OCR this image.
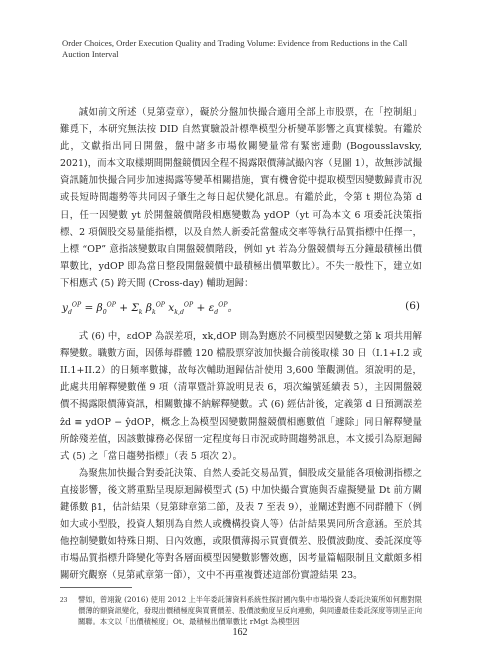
Order Choices, Order Execution Quality and Trading Volume: Evidence from Reductions in the Call Auction Interval

誠如前文所述（見第壹章），礙於分盤加快撮合適用全部上市股票，在「控制組」難覓下，本研究無法按 DID 自然實驗設計標準模型分析變革影響之真實樣貌。有鑑於此，文獻指出同日開盤，盤中諸多市場攸關變量常有緊密連動 (Bogousslavsky, 2021)，而本文取樣期間開盤競價因全程不揭露限價薄試撮內容（見圖 1），故無涉試撮資訊隨加快撮合同步加速揭露等變革相關措施，實有機會從中提取模型因變數歸責市況或長短時間趨勢等共同因子肇生之每日起伏變化訊息。有鑑於此，令第 t 期位為第 d 日，任一因變數 yt 於開盤競價階段相應變數為 ydOP（yt 可為本文 6 項委託決策指標、2 項個股交易量能指標，以及自然人新委託當盤成交率等執行品質指標中任擇一，上標 “OP” 意指該變數取自開盤競價階段，例如 yt 若為分盤競價每五分鐘最積極出價單數比，ydOP 即為當日整段開盤競價中最積極出價單數比）。不失一般性下，建立如下相應式 (5) 跨天間 (Cross-day) 輔助迴歸：

$y_d^{OP} = \beta_0^{OP} + \Sigma_k$ $\beta_k^{OP}$ $x_{k,d}^{OP} + \varepsilon_d^{OP}$。	(6)

式 (6) 中，εdOP 為誤差項，xk,dOP 則為對應於不同模型因變數之第 k 項共用解釋變數。職數方面，因係每群體 120 檔股票穿波加快撮合前後取樣 30 日（I.1+I.2 或 II.1+II.2）的日頻率數據，故每次輔助迴歸估計使用 3,600 筆觀測值。須說明的是，此處共用解釋變數僅 9 項（清單暨計算說明見表 6，項次編號延續表 5），主因開盤競價不揭露限價薄資訊，相關數據不納解釋變數。式 (6) 經估計後，定義第 d 日預測誤差 ẑd ≡ ydOP − ŷdOP，概念上為模型因變數開盤競價相應數值「遽除」同日解釋變量所餘殘差值，因該數據務必保留一定程度每日市況或時間趨勢訊息，本文援引為原迴歸式 (5) 之「當日趨勢指標」（表 5 項次 2）。

為聚焦加快撮合對委託決策、自然人委託交易品質，個股成交量能各項檢測指標之直接影響，後文將重點呈現原迴歸模型式 (5) 中加快撮合實施與否虛擬變量 Dt 前方關鍵係數 β1，估計結果（見第肆章第二節，及表 7 至表 9），並闡述對應不同群體下（例如大或小型股，投資人類別為自然人或機構投資人等）估計結果異同所含意涵。至於其他控制變數如特殊日期、日內效應，或限價薄揭示買賣價差、股價波動度、委託深度等市場品質指標升降變化等對各層面模型因變數影響效應，因考量篇幅限制且文獻頗多相關研究觀察（見第貳章第一節），文中不再重複贅述這部份實證結果 23。

23	譬如，曾翊銳 (2016) 使用 2012 上半年委託簿資料系統性探討國內集中市場投資人委託決策所如何應對限價薄的額資訊變化，發現出價積極度與買賣價差、股價波動度呈反向連動，與同邊最佳委託深度等則呈正向關聯。本文以「出價積極度」Ot、最積極出價單數比 rMgt 為模型因

162
